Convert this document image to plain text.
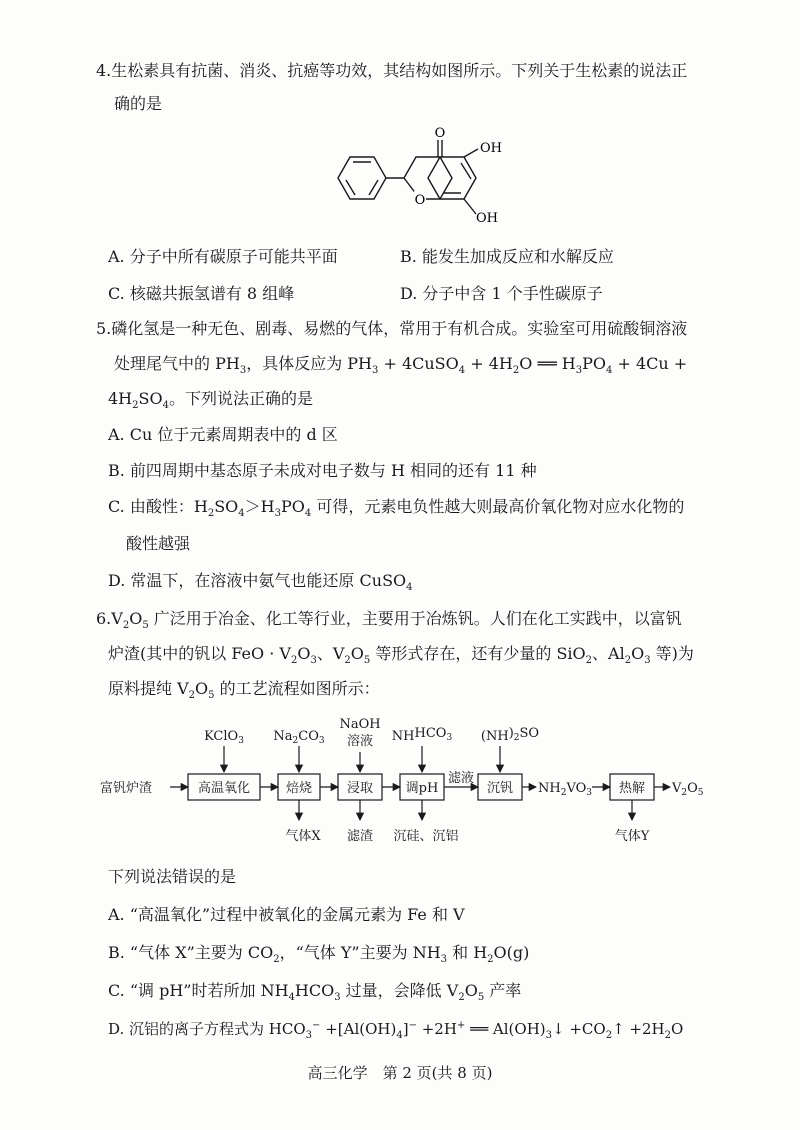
4.生松素具有抗菌、消炎、抗癌等功效，其结构如图所示。下列关于生松素的说法正
确的是
O
O
OH
OH
A. 分子中所有碳原子可能共平面	B. 能发生加成反应和水解反应
C. 核磁共振氢谱有 8 组峰	D. 分子中含 1 个手性碳原子
5.磷化氢是一种无色、剧毒、易燃的气体，常用于有机合成。实验室可用硫酸铜溶液
处理尾气中的 $PH_3$，具体反应为 $PH_3$ + 4CuSO$_4$ + $4H_2O$ ══ $H_3PO_4 + 4Cu$ +
$4H_2SO_4$。下列说法正确的是
A. Cu 位于元素周期表中的 d 区
B. 前四周期中基态原子未成对电子数与 H 相同的还有 11 种
C. 由酸性：$H_2SO_4>H_3PO_4$ 可得，元素电负性越大则最高价氧化物对应水化物的
酸性越强
D. 常温下，在溶液中氨气也能还原 CuSO$_4$
$6.V_2O_5$ 广泛用于冶金、化工等行业，主要用于冶炼钒。人们在化工实践中，以富钒
炉渣(其中的钒以 FeO · $V_2O_3$、$V_2O_5$ 等形式存在，还有少量的 SiO$_2$、$Al_2O_3$ 等)为
原料提纯 $V_2O_5$ 的工艺流程如图所示：
富钒炉渣	高温氧化	焙烧	浸取	调pH
滤液
沉钒 $NH_2VO_3$ 热解 $V_2O_5$
KClO$_3$ $Na_2CO_3$
NaOH
溶液 $NHHCO_3$ $(NH)_2SO$
气体X 滤渣 沉硅、沉铝	气体Y
下列说法错误的是
A. “高温氧化”过程中被氧化的金属元素为 Fe 和 V
B. “气体 X”主要为 $CO_2$，“气体 Y”主要为 $NH_3$ 和 $H_2O(g)$
C. “调 pH”时若所加 $NH_4HCO_3$ 过量，会降低 $V_2O_5$ 产率
D. 沉铝的离子方程式为 $HCO_3^- +[Al(OH)_4]^- +2H^+$ ══ $Al(OH)_3↓$ $+CO_2↑ +2H_2O$
高三化学　第 2 页(共 8 页)
